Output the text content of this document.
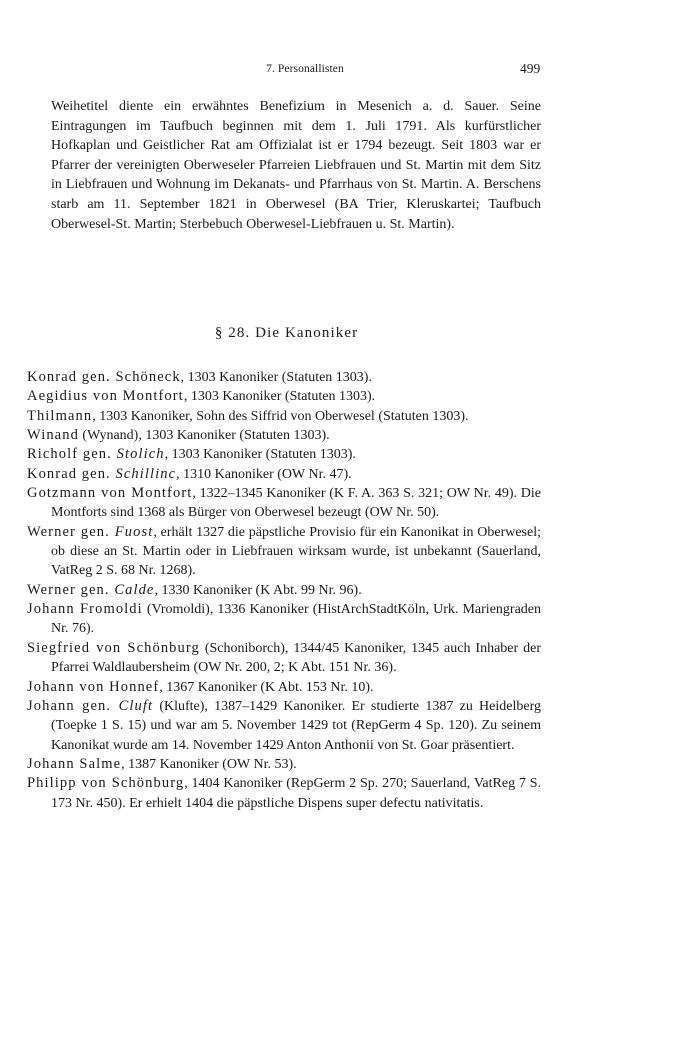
7. Personallisten	499

Weihetitel diente ein erwähntes Benefizium in Mesenich a. d. Sauer. Seine Eintragungen im Taufbuch beginnen mit dem 1. Juli 1791. Als kurfürstlicher Hofkaplan und Geistlicher Rat am Offizialat ist er 1794 bezeugt. Seit 1803 war er Pfarrer der vereinigten Oberweseler Pfarreien Liebfrauen und St. Martin mit dem Sitz in Liebfrauen und Wohnung im Dekanats- und Pfarrhaus von St. Martin. A. Berschens starb am 11. September 1821 in Oberwesel (BA Trier, Kleruskartei; Taufbuch Oberwesel-St. Martin; Sterbebuch Oberwesel-Liebfrauen u. St. Martin).

§ 28. Die Kanoniker

Konrad gen. Schöneck, 1303 Kanoniker (Statuten 1303).

Aegidius von Montfort, 1303 Kanoniker (Statuten 1303).

Thilmann, 1303 Kanoniker, Sohn des Siffrid von Oberwesel (Statuten 1303).

Winand (Wynand), 1303 Kanoniker (Statuten 1303).

Richolf gen. Stolich, 1303 Kanoniker (Statuten 1303).

Konrad gen. Schillinc, 1310 Kanoniker (OW Nr. 47).

Gotzmann von Montfort, 1322–1345 Kanoniker (K F. A. 363 S. 321; OW Nr. 49). Die Montforts sind 1368 als Bürger von Oberwesel bezeugt (OW Nr. 50).

Werner gen. Fuost, erhält 1327 die päpstliche Provisio für ein Kanonikat in Oberwesel; ob diese an St. Martin oder in Liebfrauen wirksam wurde, ist unbekannt (Sauerland, VatReg 2 S. 68 Nr. 1268).

Werner gen. Calde, 1330 Kanoniker (K Abt. 99 Nr. 96).

Johann Fromoldi (Vromoldi), 1336 Kanoniker (HistArchStadtKöln, Urk. Mariengraden Nr. 76).

Siegfried von Schönburg (Schoniborch), 1344/45 Kanoniker, 1345 auch Inhaber der Pfarrei Waldlaubersheim (OW Nr. 200, 2; K Abt. 151 Nr. 36).

Johann von Honnef, 1367 Kanoniker (K Abt. 153 Nr. 10).

Johann gen. Cluft (Klufte), 1387–1429 Kanoniker. Er studierte 1387 zu Heidelberg (Toepke 1 S. 15) und war am 5. November 1429 tot (RepGerm 4 Sp. 120). Zu seinem Kanonikat wurde am 14. November 1429 Anton Anthonii von St. Goar präsentiert.

Johann Salme, 1387 Kanoniker (OW Nr. 53).

Philipp von Schönburg, 1404 Kanoniker (RepGerm 2 Sp. 270; Sauerland, VatReg 7 S. 173 Nr. 450). Er erhielt 1404 die päpstliche Dispens super defectu nativitatis.
